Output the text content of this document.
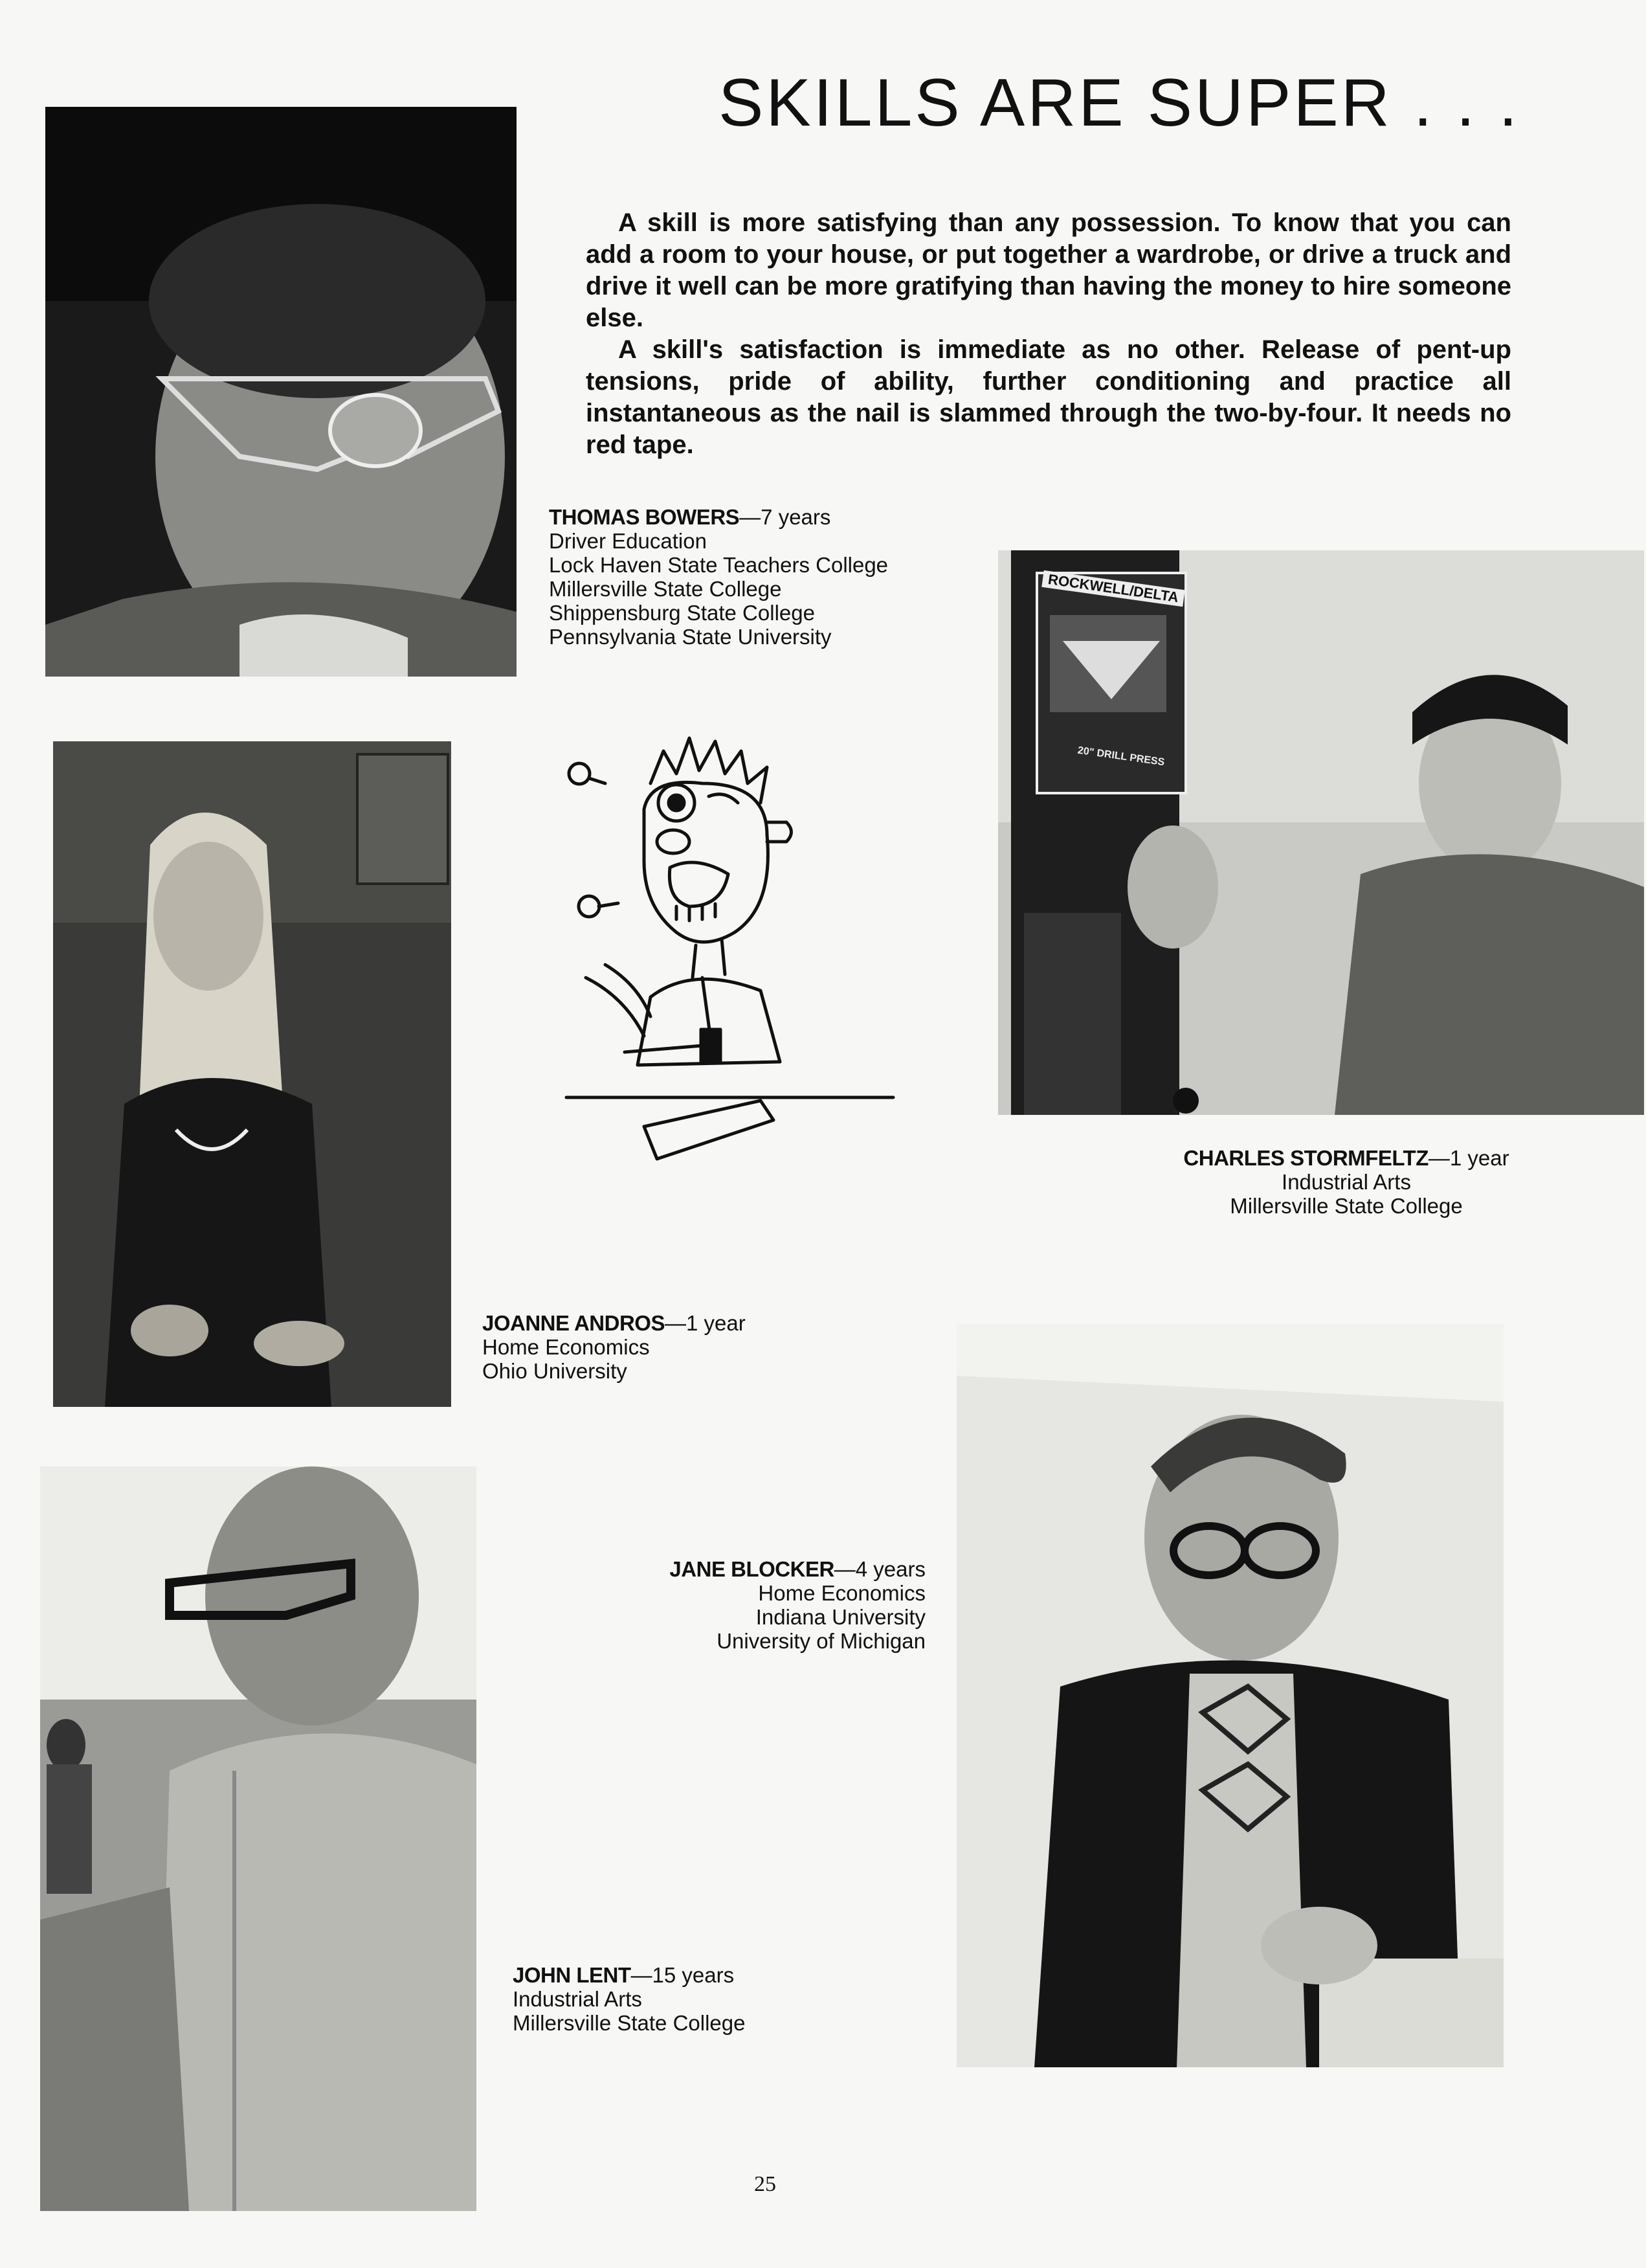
SKILLS ARE SUPER . . .

A skill is more satisfying than any possession. To know that you can add a room to your house, or put together a wardrobe, or drive a truck and drive it well can be more gratifying than having the money to hire someone else.

A skill's satisfaction is immediate as no other. Release of pent-up tensions, pride of ability, further conditioning and practice all instantaneous as the nail is slammed through the two-by-four. It needs no red tape.

THOMAS BOWERS—7 years
Driver Education
Lock Haven State Teachers College
Millersville State College
Shippensburg State College
Pennsylvania State University
JOANNE ANDROS—1 year
Home Economics
Ohio University
ROCKWELL/DELTA
20" DRILL PRESS
CHARLES STORMFELTZ—1 year
Industrial Arts
Millersville State College
JOHN LENT—15 years
Industrial Arts
Millersville State College
JANE BLOCKER—4 years
Home Economics
Indiana University
University of Michigan
25
